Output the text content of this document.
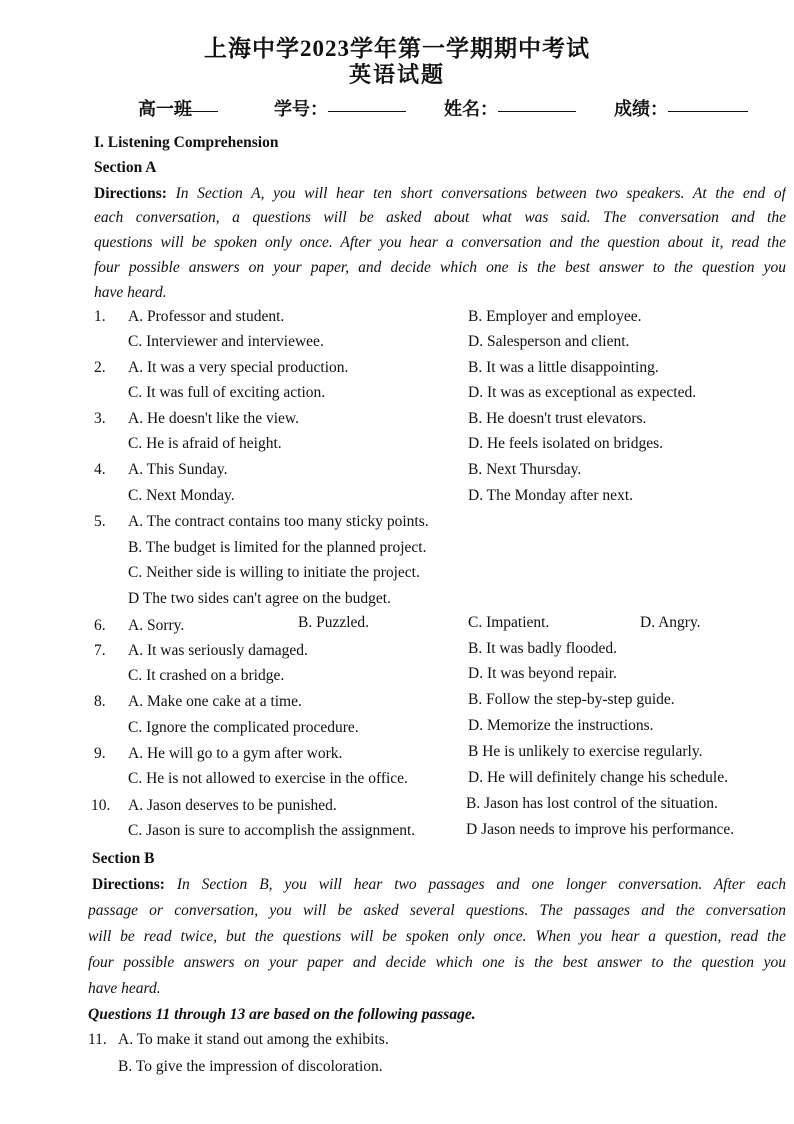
上海中学2023学年第一学期期中考试
英语试题
高一
班	学号：	姓名：	成绩：
I. Listening Comprehension
Section A
Directions: In Section A, you will hear ten short conversations between two speakers. At the end of
each conversation, a questions will be asked about what was said. The conversation and the
questions will be spoken only once. After you hear a conversation and the question about it, read the
four possible answers on your paper, and decide which one is the best answer to the question you
have heard.
1. A. Professor and student.	B. Employer and employee.
C. Interviewer and interviewee.	D. Salesperson and client.
2. A. It was a very special production.	B. It was a little disappointing.
C. It was full of exciting action.	D. It was as exceptional as expected.
3. A. He doesn't like the view.	B. He doesn't trust elevators.
C. He is afraid of height.	D. He feels isolated on bridges.
4. A. This Sunday.	B. Next Thursday.
C. Next Monday.	D. The Monday after next.
5. A. The contract contains too many sticky points.
B. The budget is limited for the planned project.
C. Neither side is willing to initiate the project.
D The two sides can't agree on the budget.
6. A. Sorry.	B. Puzzled.	C. Impatient.	D. Angry.
7. A. It was seriously damaged.	B. It was badly flooded.
C. It crashed on a bridge.	D. It was beyond repair.
8. A. Make one cake at a time.	B. Follow the step-by-step guide.
C. Ignore the complicated procedure.	D. Memorize the instructions.
9. A. He will go to a gym after work.	B He is unlikely to exercise regularly.
C. He is not allowed to exercise in the office.	D. He will definitely change his schedule.
10. A. Jason deserves to be punished.	B. Jason has lost control of the situation.
C. Jason is sure to accomplish the assignment.	D Jason needs to improve his performance.
Section B
Directions: In Section B, you will hear two passages and one longer conversation. After each
passage or conversation, you will be asked several questions. The passages and the conversation
will be read twice, but the questions will be spoken only once. When you hear a question, read the
four possible answers on your paper and decide which one is the best answer to the question you
have heard.
Questions 11 through 13 are based on the following passage.
11. A. To make it stand out among the exhibits.
B. To give the impression of discoloration.
